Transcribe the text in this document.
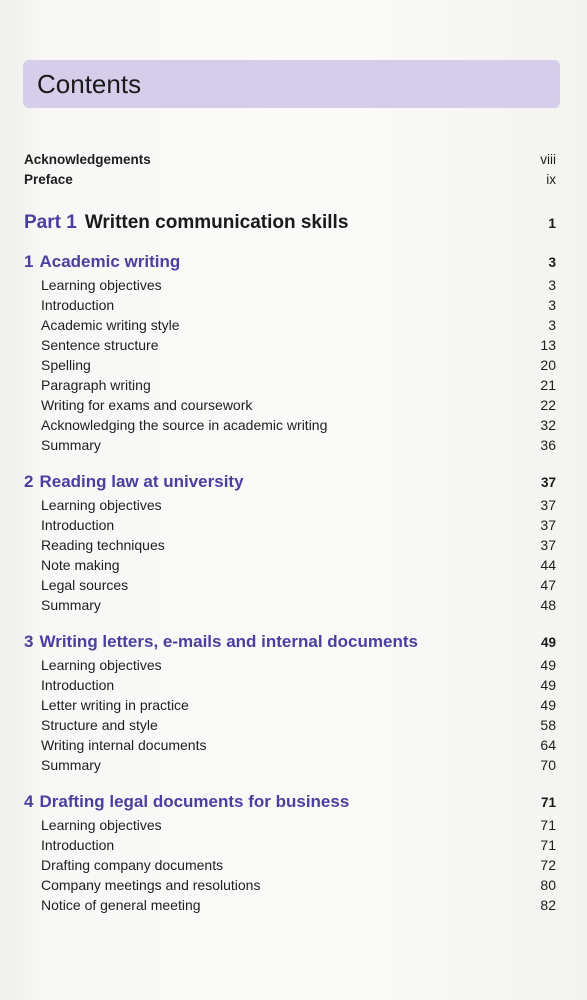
Contents
Acknowledgements	viii
Preface	ix
Part 1 Written communication skills	1
1 Academic writing	3
Learning objectives	3
Introduction	3
Academic writing style	3
Sentence structure	13
Spelling	20
Paragraph writing	21
Writing for exams and coursework	22
Acknowledging the source in academic writing	32
Summary	36
2 Reading law at university	37
Learning objectives	37
Introduction	37
Reading techniques	37
Note making	44
Legal sources	47
Summary	48
3 Writing letters, e-mails and internal documents	49
Learning objectives	49
Introduction	49
Letter writing in practice	49
Structure and style	58
Writing internal documents	64
Summary	70
4 Drafting legal documents for business	71
Learning objectives	71
Introduction	71
Drafting company documents	72
Company meetings and resolutions	80
Notice of general meeting	82
